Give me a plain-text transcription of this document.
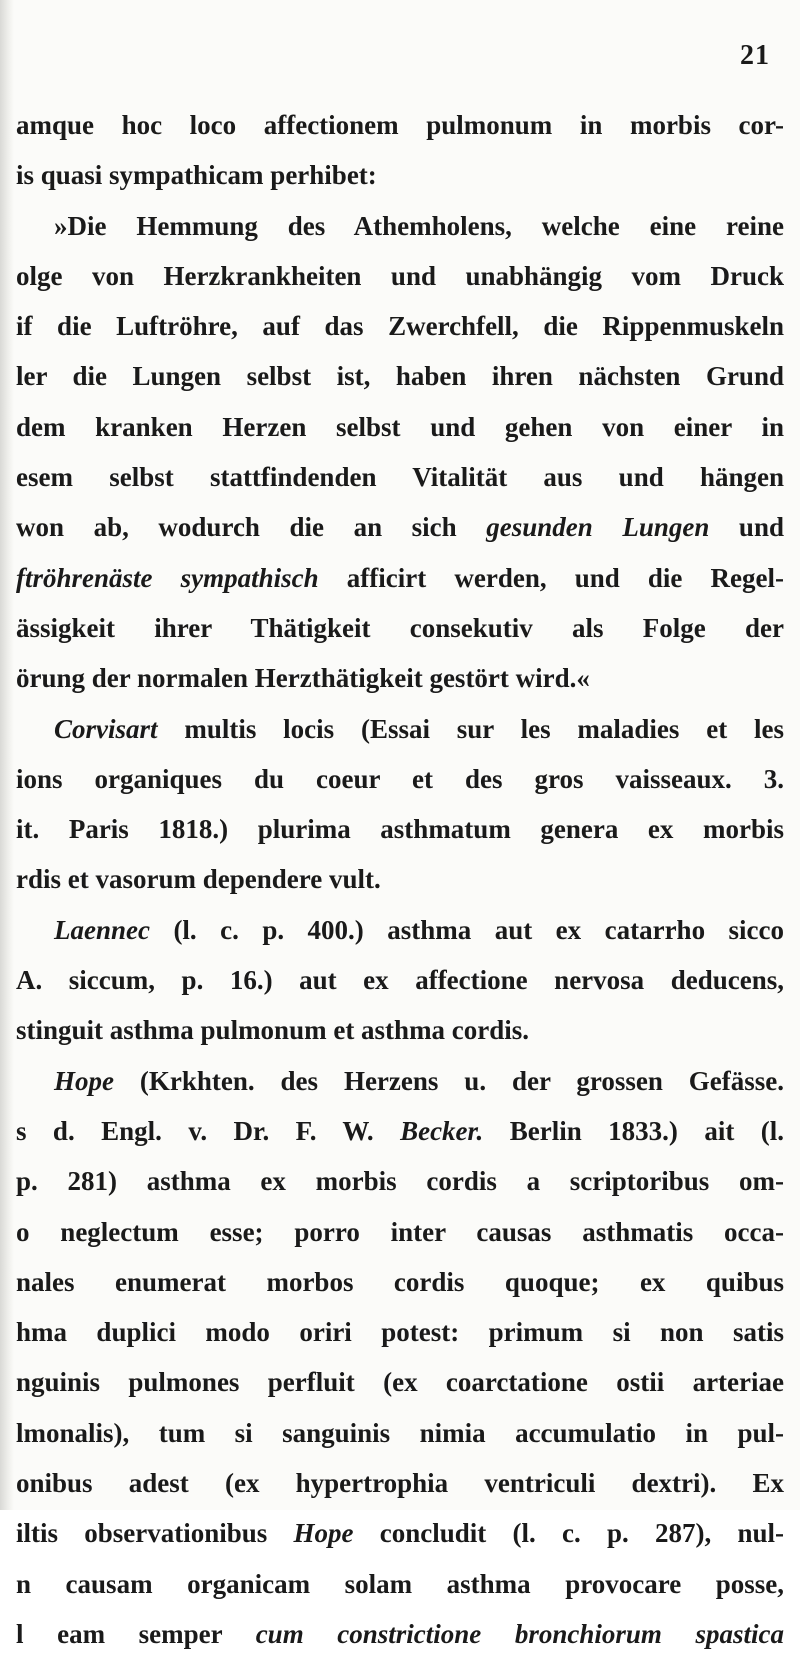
21
amque hoc loco affectionem pulmonum in morbis cor-
is quasi sympathicam perhibet:
»Die Hemmung des Athemholens, welche eine reine
olge von Herzkrankheiten und unabhängig vom Druck
if die Luftröhre, auf das Zwerchfell, die Rippenmuskeln
ler die Lungen selbst ist, haben ihren nächsten Grund
dem kranken Herzen selbst und gehen von einer in
esem selbst stattfindenden Vitalität aus und hängen
won ab, wodurch die an sich gesunden Lungen und
ftröhrenäste sympathisch afficirt werden, und die Regel-
ässigkeit ihrer Thätigkeit consekutiv als Folge der
örung der normalen Herzthätigkeit gestört wird.«
Corvisart multis locis (Essai sur les maladies et les
ions organiques du coeur et des gros vaisseaux. 3.
it. Paris 1818.) plurima asthmatum genera ex morbis
rdis et vasorum dependere vult.
Laennec (l. c. p. 400.) asthma aut ex catarrho sicco
A. siccum, p. 16.) aut ex affectione nervosa deducens,
stinguit asthma pulmonum et asthma cordis.
Hope (Krkhten. des Herzens u. der grossen Gefässe.
s d. Engl. v. Dr. F. W. Becker. Berlin 1833.) ait (l.
p. 281) asthma ex morbis cordis a scriptoribus om-
o neglectum esse; porro inter causas asthmatis occa-
nales enumerat morbos cordis quoque; ex quibus
hma duplici modo oriri potest: primum si non satis
nguinis pulmones perfluit (ex coarctatione ostii arteriae
lmonalis), tum si sanguinis nimia accumulatio in pul-
onibus adest (ex hypertrophia ventriculi dextri). Ex
iltis observationibus Hope concludit (l. c. p. 287), nul-
n causam organicam solam asthma provocare posse,
l eam semper cum constrictione bronchiorum spastica
